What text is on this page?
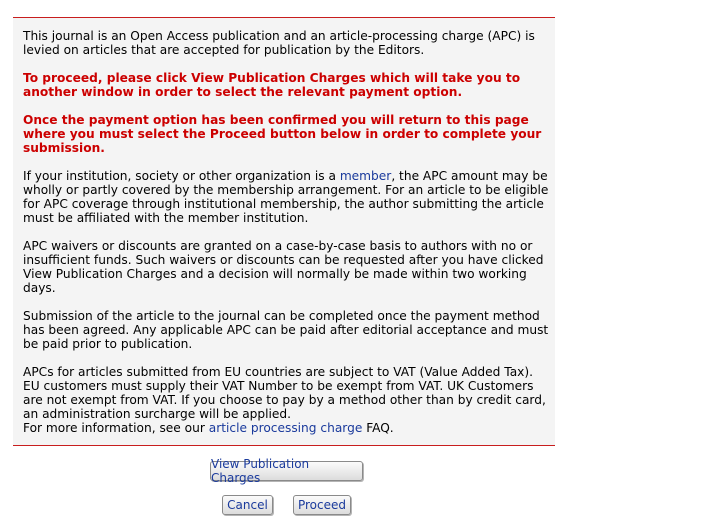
This journal is an Open Access publication and an article-processing charge (APC) is levied on articles that are accepted for publication by the Editors.

To proceed, please click View Publication Charges which will take you to another window in order to select the relevant payment option.

Once the payment option has been confirmed you will return to this page where you must select the Proceed button below in order to complete your submission.

If your institution, society or other organization is a member, the APC amount may be wholly or partly covered by the membership arrangement. For an article to be eligible for APC coverage through institutional membership, the author submitting the article must be affiliated with the member institution.

APC waivers or discounts are granted on a case-by-case basis to authors with no or insufficient funds. Such waivers or discounts can be requested after you have clicked View Publication Charges and a decision will normally be made within two working days.

Submission of the article to the journal can be completed once the payment method has been agreed. Any applicable APC can be paid after editorial acceptance and must be paid prior to publication.

APCs for articles submitted from EU countries are subject to VAT (Value Added Tax). EU customers must supply their VAT Number to be exempt from VAT. UK Customers are not exempt from VAT. If you choose to pay by a method other than by credit card, an administration surcharge will be applied.
For more information, see our article processing charge FAQ.

View Publication Charges
Cancel	Proceed
